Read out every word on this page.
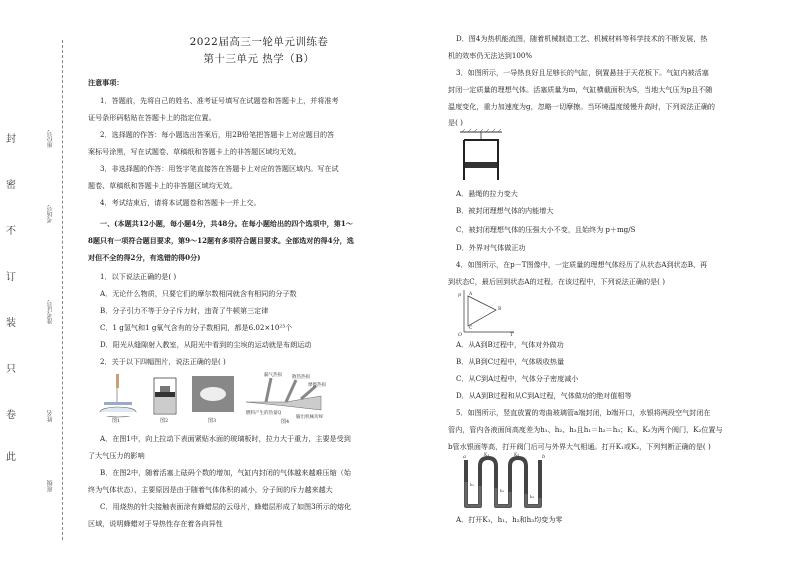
封
密
不
订
装
只
卷
此
座位号
考场号
准考证号
姓名
班级
2022届高三一轮单元训练卷
第十三单元 热学（B）
注意事项：
1．答题前，先将自己的姓名、准考证号填写在试题卷和答题卡上，并将准考
证号条形码粘贴在答题卡上的指定位置。
2．选择题的作答：每小题选出答案后，用2B铅笔把答题卡上对应题目的答
案标号涂黑，写在试题卷、草稿纸和答题卡上的非答题区域均无效。
3．非选择题的作答：用签字笔直接答在答题卡上对应的答题区域内。写在试
题卷、草稿纸和答题卡上的非答题区域均无效。
4．考试结束后，请将本试题卷和答题卡一并上交。
一、(本题共12小题，每小题4分，共48分。在每小题给出的四个选项中，第1～
8题只有一项符合题目要求，第9～12题有多项符合题目要求。全部选对的得4分，选
对但不全的得2分，有选错的得0分)
1．以下说法正确的是( )
A．无论什么物质，只要它们的摩尔数相同就含有相同的分子数
B．分子引力不等于分子斥力时，违背了牛顿第三定律
C．1 g氢气和1 g氧气含有的分子数相同，都是6.02×10²³个
D．阳光从缝隙射入教室，从阳光中看到的尘埃的运动就是布朗运动
2．关于以下四幅图片，说法正确的是( )
图1	图2	图3
漏气热损 散热热损
摩擦热损
燃料产生的热量Q
输出机械功W
图4
A．在图1中，向上拉动下表面紧贴水面的玻璃板时，拉力大于重力，主要是受到
了大气压力的影响
B．在图2中，随着活塞上砝码个数的增加，气缸内封闭的气体越来越难压缩（始
终为气体状态），主要原因是由于随着气体体积的减小，分子间的斥力越来越大
C．用烧热的针尖接触表面涂有蜂蜡层的云母片，蜂蜡层形成了如图3所示的熔化
区域，说明蜂蜡对于导热性存在着各向异性
D．图4为热机能流图，随着机械制造工艺、机械材料等科学技术的不断发展，热
机的效率仍无法达到100%
3．如图所示，一导热良好且足够长的气缸，倒置悬挂于天花板下。气缸内被活塞
封闭一定质量的理想气体。活塞质量为m，气缸横截面积为S，当地大气压为p且不随
温度变化，重力加速度为g，忽略一切摩擦。当环境温度缓慢升高时，下列说法正确的
是( )
A．悬绳的拉力变大
B．被封闭理想气体的内能增大
C．被封闭理想气体的压强大小不变，且始终为 p＋mg/S
D．外界对气体做正功
4．如图所示，在p－T图像中，一定质量的理想气体经历了从状态A到状态B、再
到状态C，最后回到状态A的过程，在该过程中，下列说法正确的是( )
p
T
O
A
B
C
A．从A到B过程中，气体对外做功
B．从B到C过程中，气体吸收热量
C．从C到A过程中，气体分子密度减小
D．从A到B过程和从C到A过程，气体做功的绝对值相等
5．如图所示，竖直放置的弯曲玻璃管a端封闭，b端开口，水银将两段空气封闭在
管内，管内各液面间高度差为h₁、h₂、h₃且h₁＝h₂＝h₃；K₁、K₂为两个阀门，K₂位置与
b管水银面等高，打开阀门后可与外界大气相通。打开K₁或K₂，下列判断正确的是( )
a	b
K₁	K₂
h₁
h₂
h₃
A．打开K₁，h₁、h₂和h₃均变为零
